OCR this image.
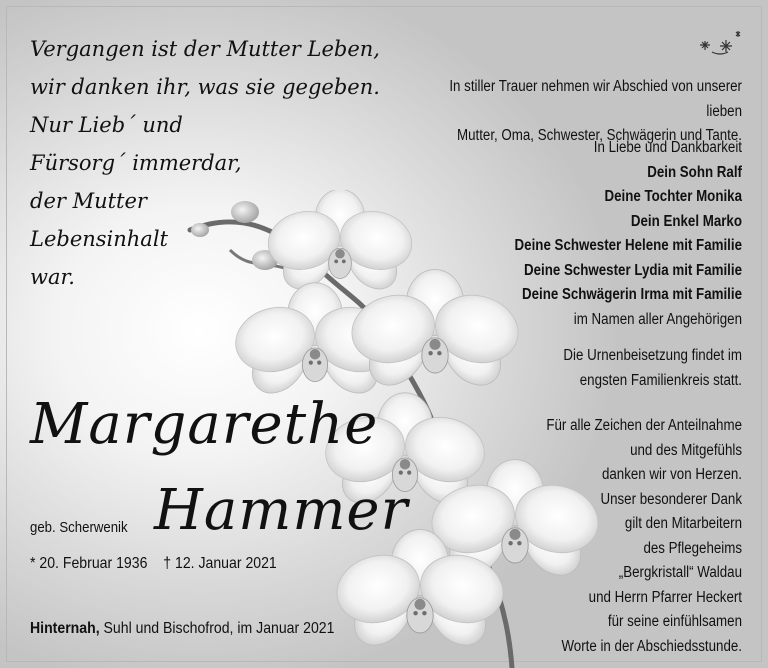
Vergangen ist der Mutter Leben,
wir danken ihr, was sie gegeben.
Nur Lieb´ und
Fürsorg´ immerdar,
der Mutter
Lebensinhalt
war.
In stiller Trauer nehmen wir Abschied von unserer lieben
Mutter, Oma, Schwester, Schwägerin und Tante.
In Liebe und Dankbarkeit
Dein Sohn Ralf
Deine Tochter Monika
Dein Enkel Marko
Deine Schwester Helene mit Familie
Deine Schwester Lydia mit Familie
Deine Schwägerin Irma mit Familie
im Namen aller Angehörigen
Die Urnenbeisetzung findet im
engsten Familienkreis statt.
Für alle Zeichen der Anteilnahme
und des Mitgefühls
danken wir von Herzen.
Unser besonderer Dank
gilt den Mitarbeitern
des Pflegeheims
„Bergkristall“ Waldau
und Herrn Pfarrer Heckert
für seine einfühlsamen
Worte in der Abschiedsstunde.
Margarethe
geb. Scherwenik Hammer
* 20. Februar 1936 † 12. Januar 2021
Hinternah, Suhl und Bischofrod, im Januar 2021
